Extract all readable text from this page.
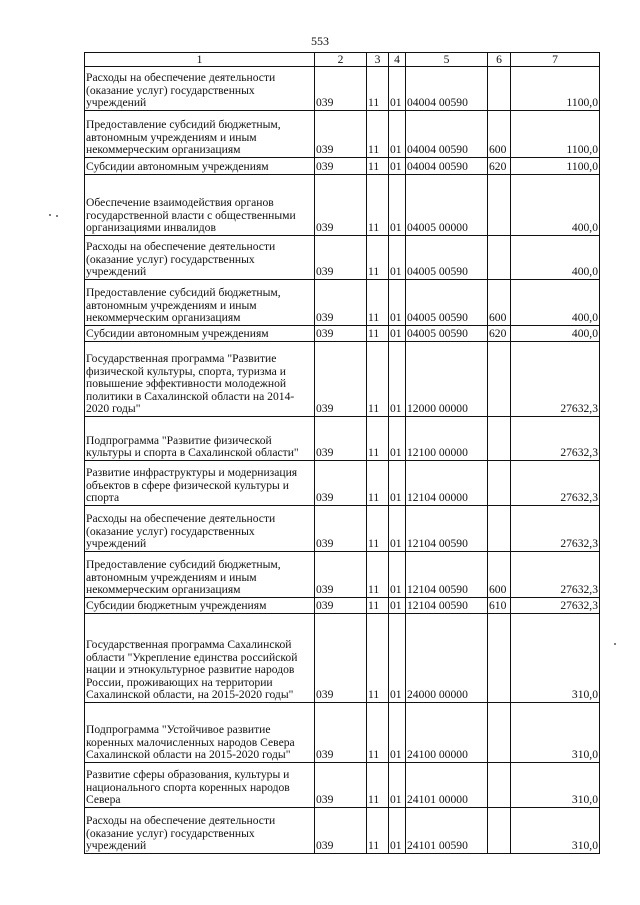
553
1	2	3	4	5	6	7

Расходы на обеспечение деятельности (оказание услуг) государственных учреждений	039	11	01	04004 00590		1100,0

Предоставление субсидий бюджетным, автономным учреждениям и иным некоммерческим организациям	039	11	01	04004 00590	600	1100,0

Субсидии автономным учреждениям	039	11	01	04004 00590	620	1100,0

Обеспечение взаимодействия органов государственной власти с общественными организациями инвалидов	039	11	01	04005 00000		400,0

Расходы на обеспечение деятельности (оказание услуг) государственных учреждений	039	11	01	04005 00590		400,0

Предоставление субсидий бюджетным, автономным учреждениям и иным некоммерческим организациям	039	11	01	04005 00590	600	400,0

Субсидии автономным учреждениям	039	11	01	04005 00590	620	400,0

Государственная программа "Развитие физической культуры, спорта, туризма и повышение эффективности молодежной политики в Сахалинской области на 2014-2020 годы"	039	11	01	12000 00000		27632,3

Подпрограмма "Развитие физической культуры и спорта в Сахалинской области"	039	11	01	12100 00000		27632,3

Развитие инфраструктуры и модернизация объектов в сфере физической культуры и спорта	039	11	01	12104 00000		27632,3

Расходы на обеспечение деятельности (оказание услуг) государственных учреждений	039	11	01	12104 00590		27632,3

Предоставление субсидий бюджетным, автономным учреждениям и иным некоммерческим организациям	039	11	01	12104 00590	600	27632,3

Субсидии бюджетным учреждениям	039	11	01	12104 00590	610	27632,3

Государственная программа Сахалинской области "Укрепление единства российской нации и этнокультурное развитие народов России, проживающих на территории Сахалинской области, на 2015-2020 годы"	039	11	01	24000 00000		310,0

Подпрограмма "Устойчивое развитие коренных малочисленных народов Севера Сахалинской области на 2015-2020 годы"	039	11	01	24100 00000		310,0

Развитие сферы образования, культуры и национального спорта коренных народов Севера	039	11	01	24101 00000		310,0

Расходы на обеспечение деятельности (оказание услуг) государственных учреждений	039	11	01	24101 00590		310,0
